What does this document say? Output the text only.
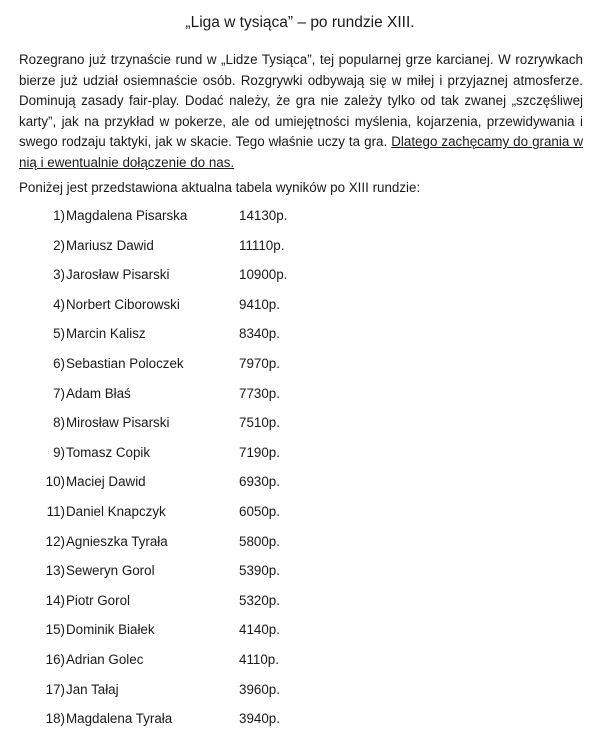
„Liga w tysiąca” – po rundzie XIII.
Rozegrano już trzynaście rund w „Lidze Tysiąca”, tej popularnej grze karcianej. W rozrywkach bierze już udział osiemnaście osób. Rozgrywki odbywają się w miłej i przyjaznej atmosferze. Dominują zasady fair-play. Dodać należy, że gra nie zależy tylko od tak zwanej „szczęśliwej karty”, jak na przykład w pokerze, ale od umiejętności myślenia, kojarzenia, przewidywania i swego rodzaju taktyki, jak w skacie. Tego właśnie uczy ta gra. Dlatego zachęcamy do grania w nią i ewentualnie dołączenie do nas.
Poniżej jest przedstawiona aktualna tabela wyników po XIII rundzie:
1) Magdalena Pisarska	14130p.
2) Mariusz Dawid	11110p.
3) Jarosław Pisarski	10900p.
4) Norbert Ciborowski	9410p.
5) Marcin Kalisz	8340p.
6) Sebastian Poloczek	7970p.
7) Adam Błaś	7730p.
8) Mirosław Pisarski	7510p.
9) Tomasz Copik	7190p.
10) Maciej Dawid	6930p.
11) Daniel Knapczyk	6050p.
12) Agnieszka Tyrała	5800p.
13) Seweryn Gorol	5390p.
14) Piotr Gorol	5320p.
15) Dominik Białek	4140p.
16) Adrian Golec	4110p.
17) Jan Tałaj	3960p.
18) Magdalena Tyrała	3940p.
